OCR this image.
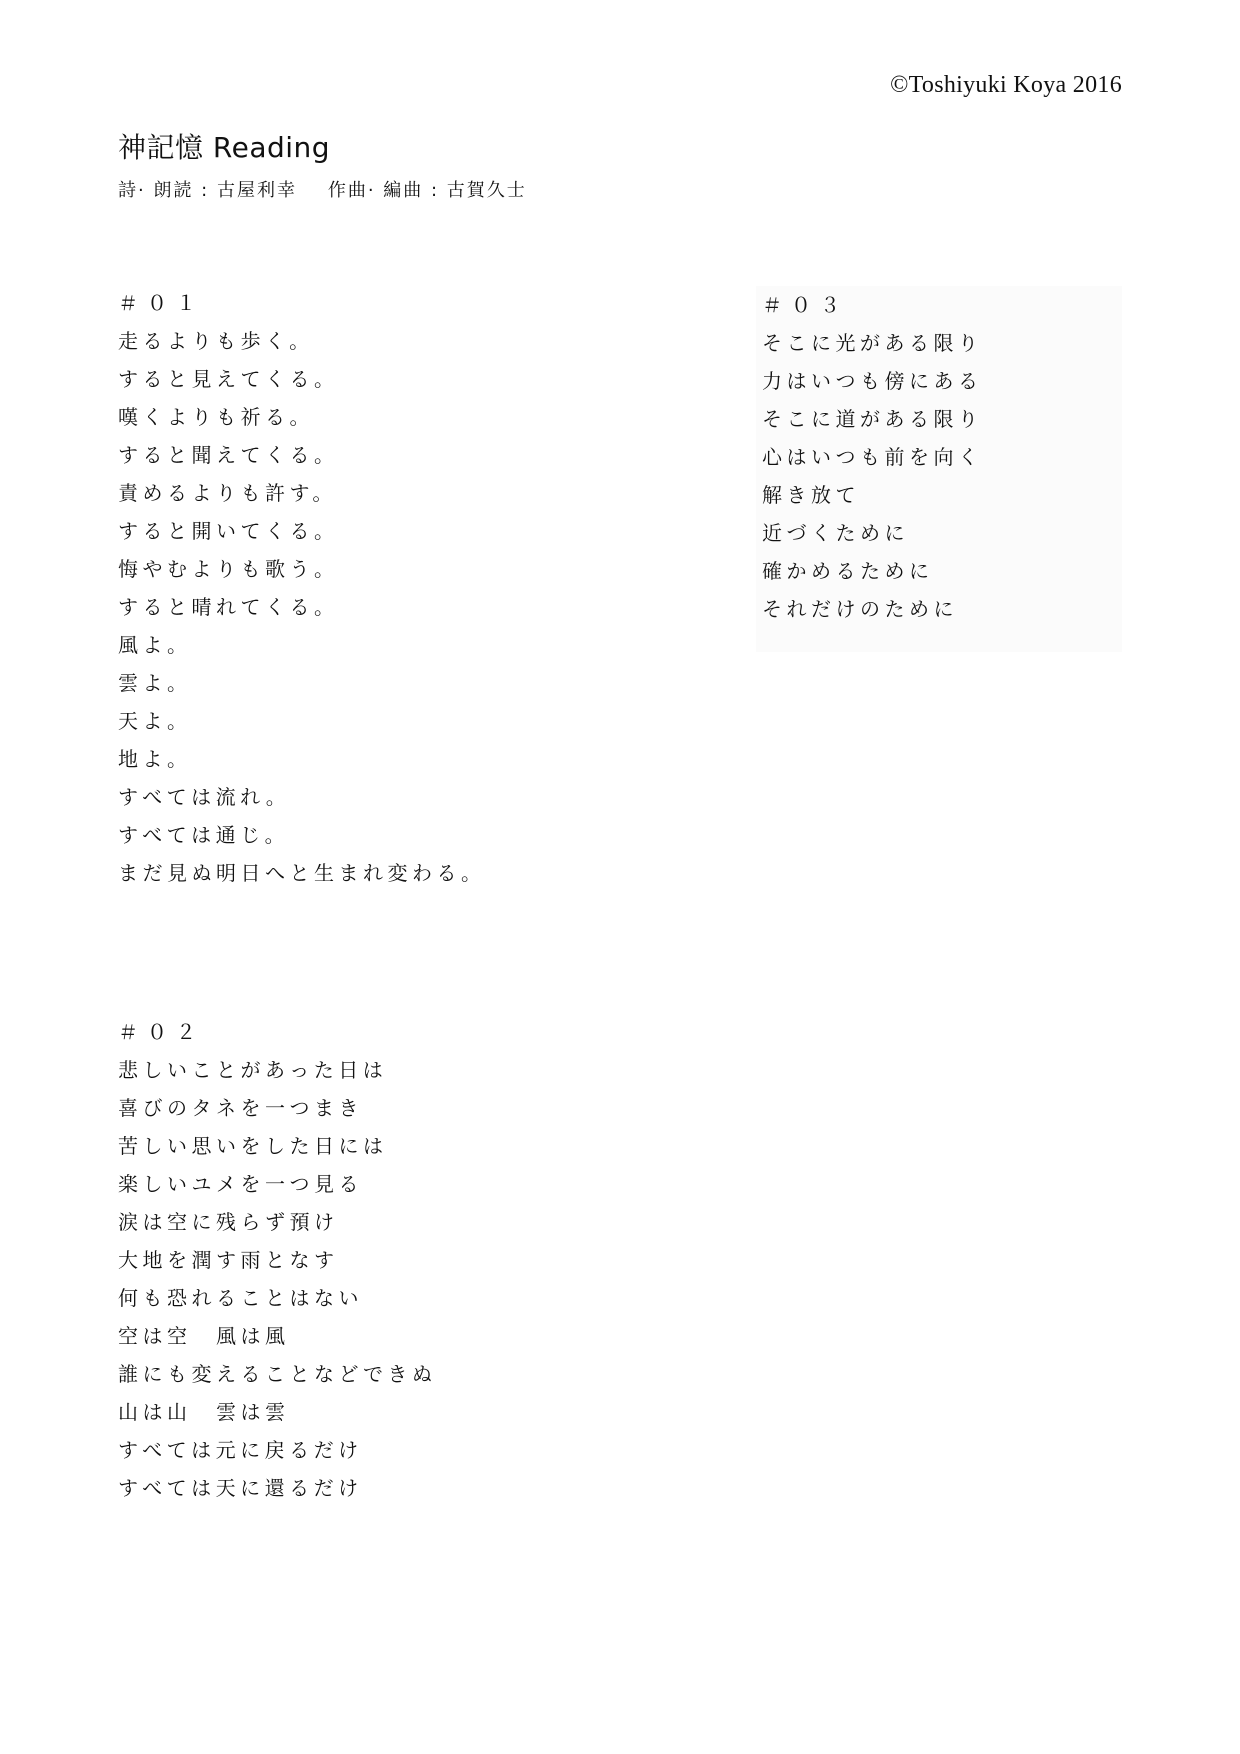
©Toshiyuki Koya 2016
神記憶 Reading
詩· 朗読 : 古屋利幸 作曲· 編曲 : 古賀久士
＃０１
走るよりも歩く。
すると見えてくる。
嘆くよりも祈る。
すると聞えてくる。
責めるよりも許す。
すると開いてくる。
悔やむよりも歌う。
すると晴れてくる。
風よ。
雲よ。
天よ。
地よ。
すべては流れ。
すべては通じ。
まだ見ぬ明日へと生まれ変わる。
＃０２
悲しいことがあった日は
喜びのタネを一つまき
苦しい思いをした日には
楽しいユメを一つ見る
涙は空に残らず預け
大地を潤す雨となす
何も恐れることはない
空は空　風は風
誰にも変えることなどできぬ
山は山　雲は雲
すべては元に戻るだけ
すべては天に還るだけ
＃０３
そこに光がある限り
力はいつも傍にある
そこに道がある限り
心はいつも前を向く
解き放て
近づくために
確かめるために
それだけのために
